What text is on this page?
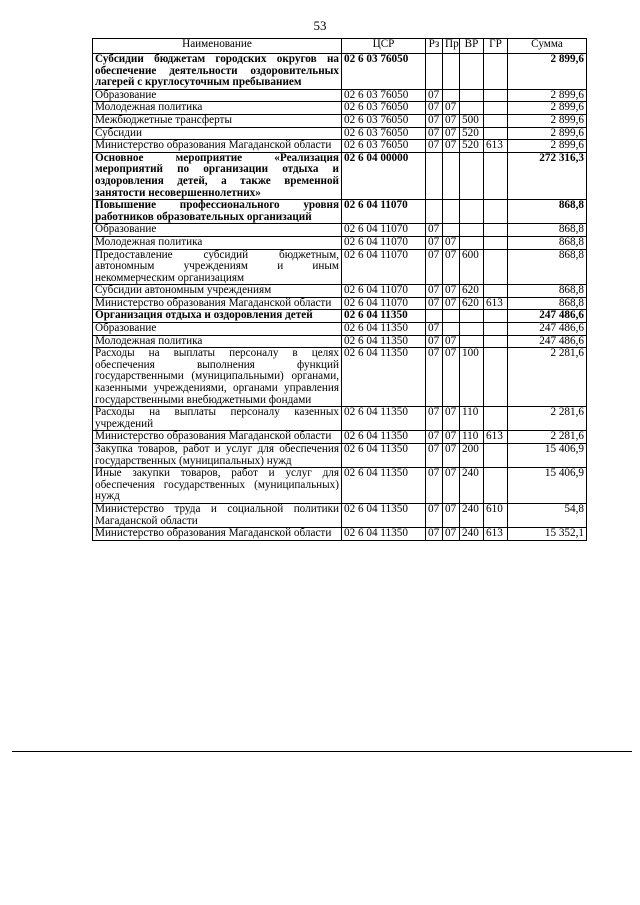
53
Наименование	ЦСР	Рз	Пр	ВР	ГР	Сумма
Субсидии бюджетам городских округов на обеспечение деятельности оздоровительных лагерей с круглосуточным пребыванием	02 6 03 76050					2 899,6
Образование	02 6 03 76050	07				2 899,6
Молодежная политика	02 6 03 76050	07	07			2 899,6
Межбюджетные трансферты	02 6 03 76050	07	07	500		2 899,6
Субсидии	02 6 03 76050	07	07	520		2 899,6
Министерство образования Магаданской области	02 6 03 76050	07	07	520	613	2 899,6
Основное мероприятие «Реализация мероприятий по организации отдыха и оздоровления детей, а также временной занятости несовершеннолетних»	02 6 04 00000					272 316,3
Повышение профессионального уровня работников образовательных организаций	02 6 04 11070					868,8
Образование	02 6 04 11070	07				868,8
Молодежная политика	02 6 04 11070	07	07			868,8
Предоставление субсидий бюджетным, автономным учреждениям и иным некоммерческим организациям	02 6 04 11070	07	07	600		868,8
Субсидии автономным учреждениям	02 6 04 11070	07	07	620		868,8
Министерство образования Магаданской области	02 6 04 11070	07	07	620	613	868,8
Организация отдыха и оздоровления детей	02 6 04 11350					247 486,6
Образование	02 6 04 11350	07				247 486,6
Молодежная политика	02 6 04 11350	07	07			247 486,6
Расходы на выплаты персоналу в целях обеспечения выполнения функций государственными (муниципальными) органами, казенными учреждениями, органами управления государственными внебюджетными фондами	02 6 04 11350	07	07	100		2 281,6
Расходы на выплаты персоналу казенных учреждений	02 6 04 11350	07	07	110		2 281,6
Министерство образования Магаданской области	02 6 04 11350	07	07	110	613	2 281,6
Закупка товаров, работ и услуг для обеспечения государственных (муниципальных) нужд	02 6 04 11350	07	07	200		15 406,9
Иные закупки товаров, работ и услуг для обеспечения государственных (муниципальных) нужд	02 6 04 11350	07	07	240		15 406,9
Министерство труда и социальной политики Магаданской области	02 6 04 11350	07	07	240	610	54,8
Министерство образования Магаданской области	02 6 04 11350	07	07	240	613	15 352,1
